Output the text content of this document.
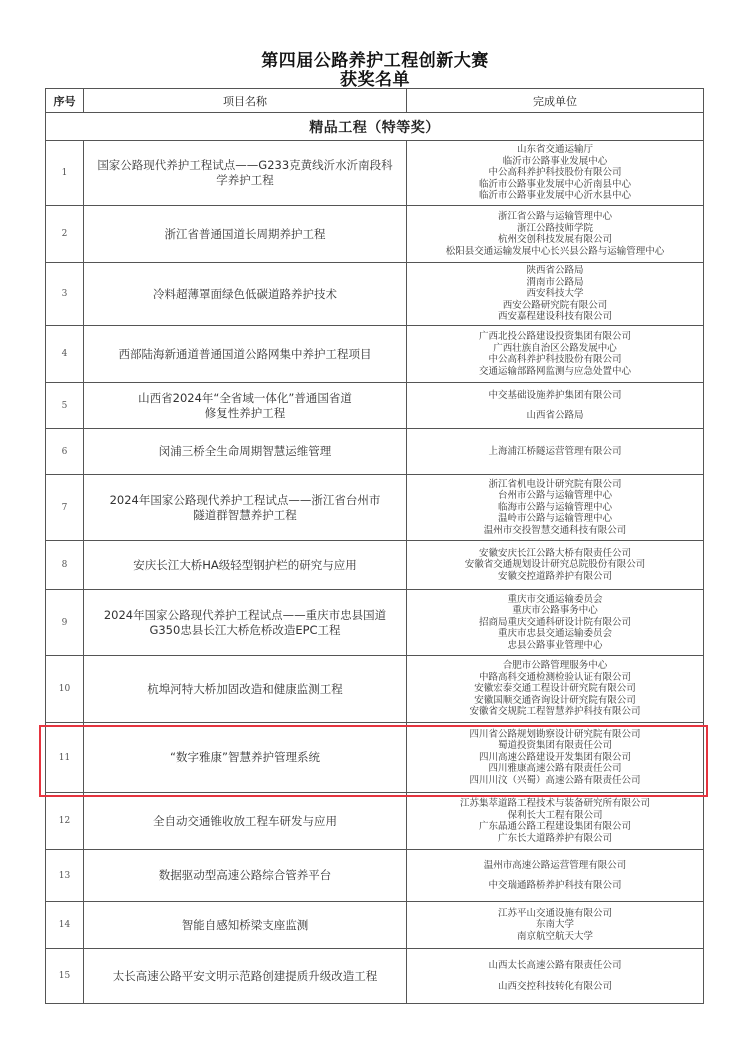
第四届公路养护工程创新大赛
获奖名单
序号	项目名称	完成单位
精品工程（特等奖）		
1	国家公路现代养护工程试点——G233克黄线沂水沂南段科
学养护工程	山东省交通运输厅
临沂市公路事业发展中心
中公高科养护科技股份有限公司
临沂市公路事业发展中心沂南县中心
临沂市公路事业发展中心沂水县中心

2	浙江省普通国道长周期养护工程	浙江省公路与运输管理中心
浙江公路技师学院
杭州交创科技发展有限公司
松阳县交通运输发展中心长兴县公路与运输管理中心

3	冷料超薄罩面绿色低碳道路养护技术	陕西省公路局
渭南市公路局
西安科技大学
西安公路研究院有限公司
西安嘉程建设科技有限公司

4	西部陆海新通道普通国道公路网集中养护工程项目	广西北投公路建设投资集团有限公司
广西壮族自治区公路发展中心
中公高科养护科技股份有限公司
交通运输部路网监测与应急处置中心

5	山西省2024年“全省域一体化”普通国省道
修复性养护工程	中交基础设施养护集团有限公司
山西省公路局

6	闵浦三桥全生命周期智慧运维管理	上海浦江桥隧运营管理有限公司

7	2024年国家公路现代养护工程试点——浙江省台州市
隧道群智慧养护工程	浙江省机电设计研究院有限公司
台州市公路与运输管理中心
临海市公路与运输管理中心
温岭市公路与运输管理中心
温州市交投智慧交通科技有限公司

8	安庆长江大桥HA级轻型钢护栏的研究与应用	安徽安庆长江公路大桥有限责任公司
安徽省交通规划设计研究总院股份有限公司
安徽交控道路养护有限公司

9	2024年国家公路现代养护工程试点——重庆市忠县国道
G350忠县长江大桥危桥改造EPC工程	重庆市交通运输委员会
重庆市公路事务中心
招商局重庆交通科研设计院有限公司
重庆市忠县交通运输委员会
忠县公路事业管理中心

10	杭埠河特大桥加固改造和健康监测工程	合肥市公路管理服务中心
中路高科交通检测检验认证有限公司
安徽宏泰交通工程设计研究院有限公司
安徽国顺交通咨询设计研究院有限公司
安徽省交规院工程智慧养护科技有限公司

11	“数字雅康”智慧养护管理系统	四川省公路规划勘察设计研究院有限公司
蜀道投资集团有限责任公司
四川高速公路建设开发集团有限公司
四川雅康高速公路有限责任公司
四川川汶（兴蜀）高速公路有限责任公司

12	全自动交通锥收放工程车研发与应用	江苏集萃道路工程技术与装备研究所有限公司
保利长大工程有限公司
广东晶通公路工程建设集团有限公司
广东长大道路养护有限公司

13	数据驱动型高速公路综合管养平台	温州市高速公路运营管理有限公司
中交瑞通路桥养护科技有限公司

14	智能自感知桥梁支座监测	江苏平山交通设施有限公司
东南大学
南京航空航天大学

15	太长高速公路平安文明示范路创建提质升级改造工程	山西太长高速公路有限责任公司
山西交控科技转化有限公司
